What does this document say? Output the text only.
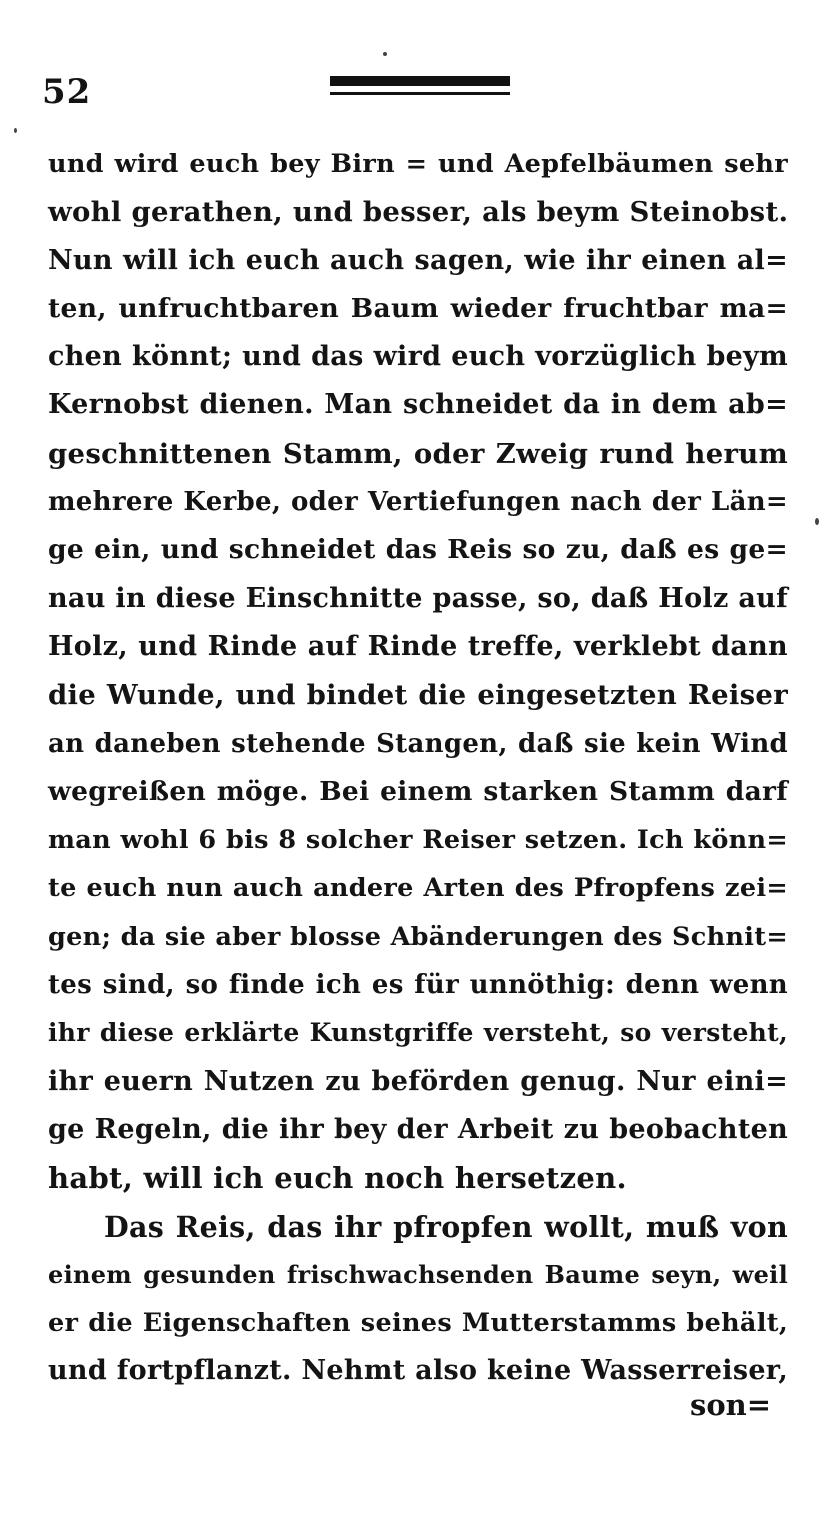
52
und wird euch bey Birn = und Aepfelbäumen sehr
wohl gerathen, und besser, als beym Steinobst.
Nun will ich euch auch sagen, wie ihr einen al=
ten, unfruchtbaren Baum wieder fruchtbar ma=
chen könnt; und das wird euch vorzüglich beym
Kernobst dienen. Man schneidet da in dem ab=
geschnittenen Stamm, oder Zweig rund herum
mehrere Kerbe, oder Vertiefungen nach der Län=
ge ein, und schneidet das Reis so zu, daß es ge=
nau in diese Einschnitte passe, so, daß Holz auf
Holz, und Rinde auf Rinde treffe, verklebt dann
die Wunde, und bindet die eingesetzten Reiser
an daneben stehende Stangen, daß sie kein Wind
wegreißen möge. Bei einem starken Stamm darf
man wohl 6 bis 8 solcher Reiser setzen. Ich könn=
te euch nun auch andere Arten des Pfropfens zei=
gen; da sie aber blosse Abänderungen des Schnit=
tes sind, so finde ich es für unnöthig: denn wenn
ihr diese erklärte Kunstgriffe versteht, so versteht,
ihr euern Nutzen zu beförden genug. Nur eini=
ge Regeln, die ihr bey der Arbeit zu beobachten
habt, will ich euch noch hersetzen.
Das Reis, das ihr pfropfen wollt, muß von
einem gesunden frischwachsenden Baume seyn, weil
er die Eigenschaften seines Mutterstamms behält,
und fortpflanzt. Nehmt also keine Wasserreiser,
son=
